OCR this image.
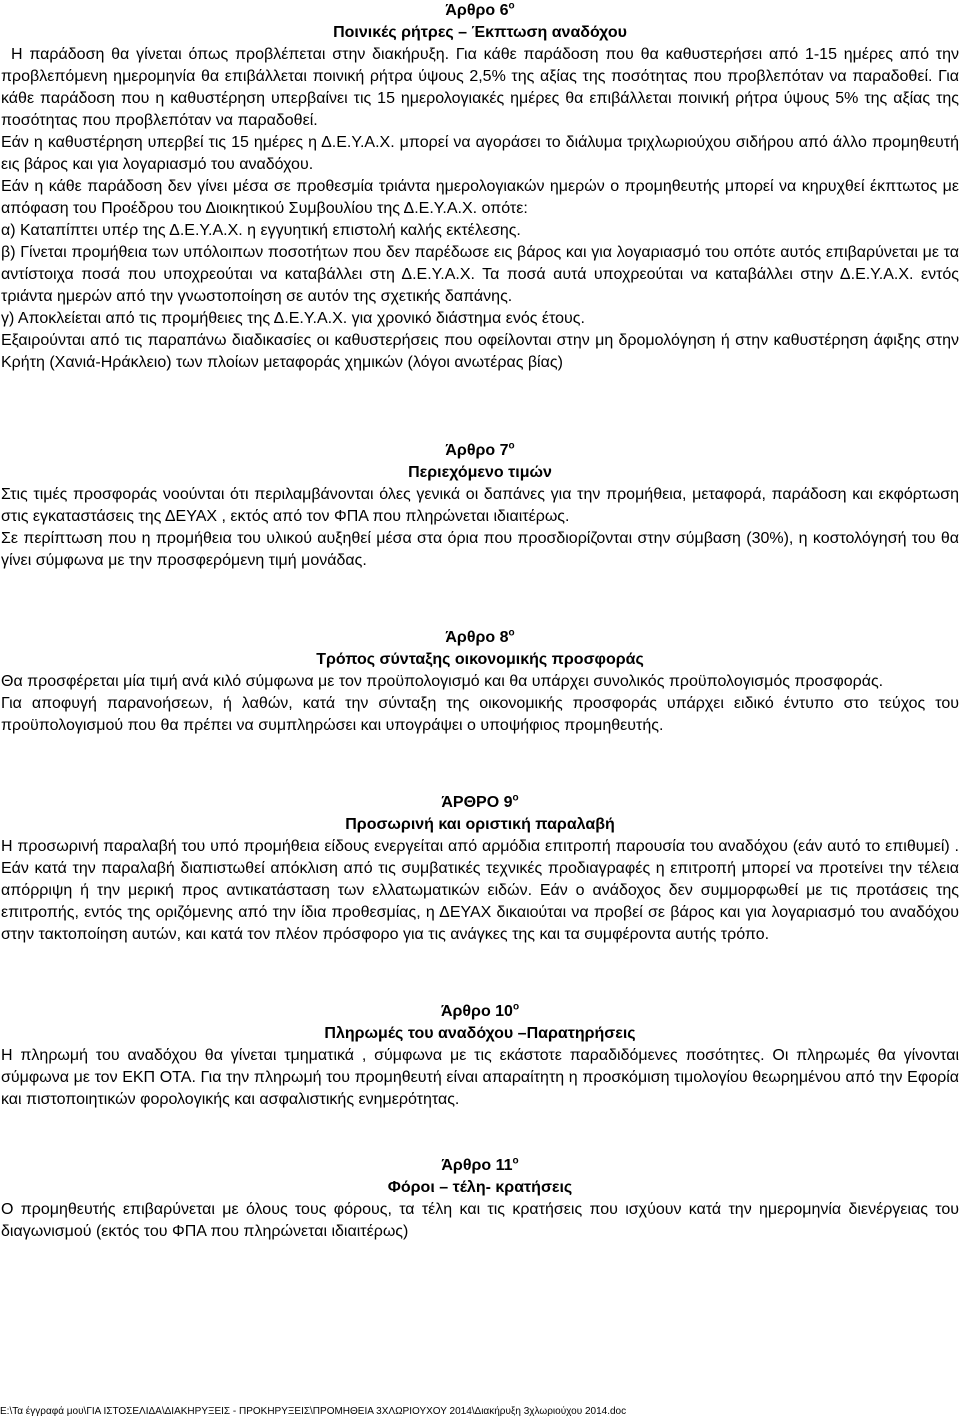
Άρθρο $6^o$
Ποινικές ρήτρες – Έκπτωση αναδόχου

Η παράδοση θα γίνεται όπως προβλέπεται στην διακήρυξη. Για κάθε παράδοση που θα καθυστερήσει από 1-15 ημέρες από την προβλεπόμενη ημερομηνία θα επιβάλλεται ποινική ρήτρα ύψους 2,5% της αξίας της ποσότητας που προβλεπόταν να παραδοθεί. Για κάθε παράδοση που η καθυστέρηση υπερβαίνει τις 15 ημερολογιακές ημέρες θα επιβάλλεται ποινική ρήτρα ύψους 5% της αξίας της ποσότητας που προβλεπόταν να παραδοθεί.

Εάν η καθυστέρηση υπερβεί τις 15 ημέρες η Δ.Ε.Υ.Α.Χ. μπορεί να αγοράσει το διάλυμα τριχλωριούχου σιδήρου από άλλο προμηθευτή εις βάρος και για λογαριασμό του αναδόχου.

Εάν η κάθε παράδοση δεν γίνει μέσα σε προθεσμία τριάντα ημερολογιακών ημερών ο προμηθευτής μπορεί να κηρυχθεί έκπτωτος με απόφαση του Προέδρου του Διοικητικού Συμβουλίου της Δ.Ε.Υ.Α.Χ. οπότε:

α) Καταπίπτει υπέρ της Δ.Ε.Υ.Α.Χ. η εγγυητική επιστολή καλής εκτέλεσης.

β) Γίνεται προμήθεια των υπόλοιπων ποσοτήτων που δεν παρέδωσε εις βάρος και για λογαριασμό του οπότε αυτός επιβαρύνεται με τα αντίστοιχα ποσά που υποχρεούται να καταβάλλει στη Δ.Ε.Υ.Α.Χ. Τα ποσά αυτά υποχρεούται να καταβάλλει στην Δ.Ε.Υ.Α.Χ. εντός τριάντα ημερών από την γνωστοποίηση σε αυτόν της σχετικής δαπάνης.

γ) Αποκλείεται από τις προμήθειες της Δ.Ε.Υ.Α.Χ. για χρονικό διάστημα ενός έτους.

Εξαιρούνται από τις παραπάνω διαδικασίες οι καθυστερήσεις που οφείλονται στην μη δρομολόγηση ή στην καθυστέρηση άφιξης στην Κρήτη (Χανιά-Ηράκλειο) των πλοίων μεταφοράς χημικών (λόγοι ανωτέρας βίας)

Άρθρο $7^o$
Περιεχόμενο τιμών

Στις τιμές προσφοράς νοούνται ότι περιλαμβάνονται όλες γενικά οι δαπάνες για την προμήθεια, μεταφορά, παράδοση και εκφόρτωση στις εγκαταστάσεις της ΔΕΥΑΧ , εκτός από τον ΦΠΑ που πληρώνεται ιδιαιτέρως.

Σε περίπτωση που η προμήθεια του υλικού αυξηθεί μέσα στα όρια που προσδιορίζονται στην σύμβαση (30%), η κοστολόγησή του θα γίνει σύμφωνα με την προσφερόμενη τιμή μονάδας.

Άρθρο $8^o$
Τρόπος σύνταξης οικονομικής προσφοράς

Θα προσφέρεται μία τιμή ανά κιλό σύμφωνα με τον προϋπολογισμό και θα υπάρχει συνολικός προϋπολογισμός προσφοράς.

Για αποφυγή παρανοήσεων, ή λαθών, κατά την σύνταξη της οικονομικής προσφοράς υπάρχει ειδικό έντυπο στο τεύχος του προϋπολογισμού που θα πρέπει να συμπληρώσει και υπογράψει ο υποψήφιος προμηθευτής.

ΆΡΘΡΟ $9^o$
Προσωρινή και οριστική παραλαβή

Η προσωρινή παραλαβή του υπό προμήθεια είδους ενεργείται από αρμόδια επιτροπή παρουσία του αναδόχου (εάν αυτό το επιθυμεί) . Εάν κατά την παραλαβή διαπιστωθεί απόκλιση από τις συμβατικές τεχνικές προδιαγραφές η επιτροπή μπορεί να προτείνει την τέλεια απόρριψη ή την μερική προς αντικατάσταση των ελλατωματικών ειδών. Εάν ο ανάδοχος δεν συμμορφωθεί με τις προτάσεις της επιτροπής, εντός της οριζόμενης από την ίδια προθεσμίας, η ΔΕΥΑΧ δικαιούται να προβεί σε βάρος και για λογαριασμό του αναδόχου στην τακτοποίηση αυτών, και κατά τον πλέον πρόσφορο για τις ανάγκες της και τα συμφέροντα αυτής τρόπο.

Άρθρο $10^o$
Πληρωμές του αναδόχου –Παρατηρήσεις

Η πληρωμή του αναδόχου θα γίνεται τμηματικά , σύμφωνα με τις εκάστοτε παραδιδόμενες ποσότητες. Οι πληρωμές θα γίνονται σύμφωνα με τον ΕΚΠ ΟΤΑ. Για την πληρωμή του προμηθευτή είναι απαραίτητη η προσκόμιση τιμολογίου θεωρημένου από την Εφορία και πιστοποιητικών φορολογικής και ασφαλιστικής ενημερότητας.

Άρθρο $11^o$
Φόροι – τέλη- κρατήσεις

Ο προμηθευτής επιβαρύνεται με όλους τους φόρους, τα τέλη και τις κρατήσεις που ισχύουν κατά την ημερομηνία διενέργειας του διαγωνισμού (εκτός του ΦΠΑ που πληρώνεται ιδιαιτέρως)

E:\Τα έγγραφά μου\ΓΙΑ ΙΣΤΟΣΕΛΙΔΑ\ΔΙΑΚΗΡΥΞΕΙΣ - ΠΡΟΚΗΡΥΞΕΙΣ\ΠΡΟΜΗΘΕΙΑ 3ΧΛΩΡΙΟΥΧΟΥ 2014\Διακήρυξη 3χλωριούχου 2014.doc
